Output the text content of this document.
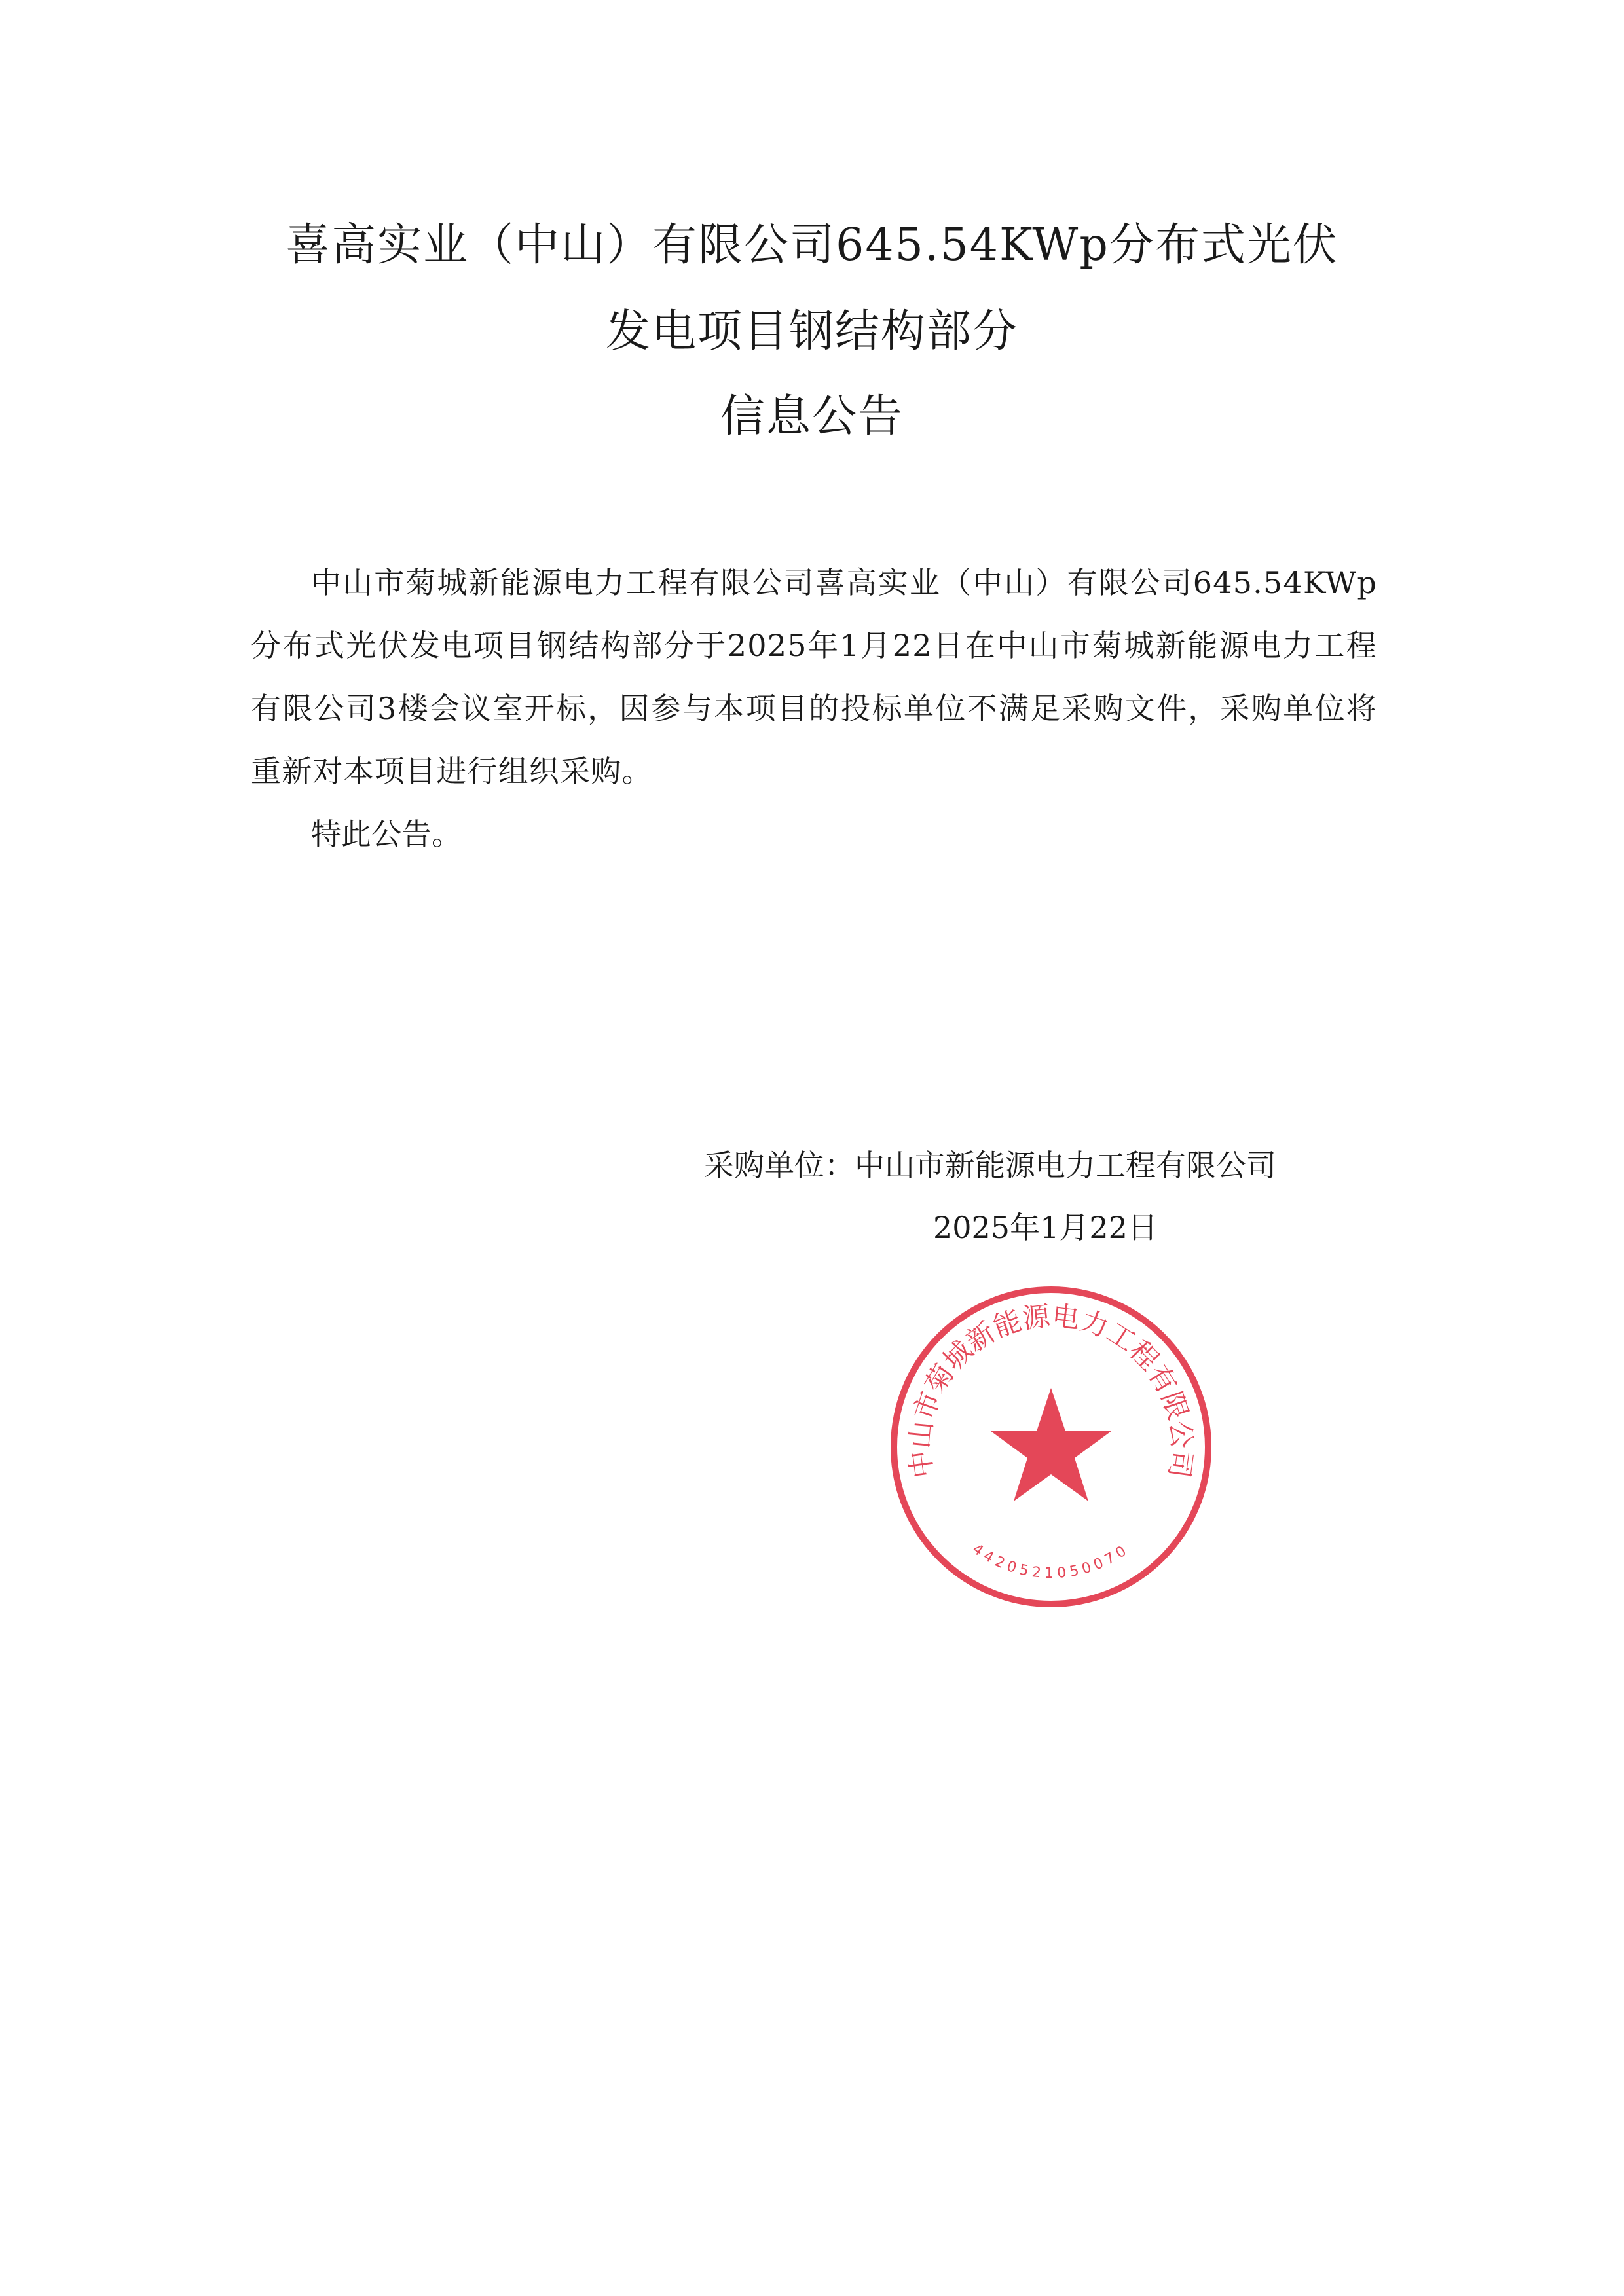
喜高实业（中山）有限公司645.54KWp分布式光伏
发电项目钢结构部分
信息公告

中山市菊城新能源电力工程有限公司喜高实业（中山）有限公司645.54KWp分布式光伏发电项目钢结构部分于2025年1月22日在中山市菊城新能源电力工程有限公司3楼会议室开标，因参与本项目的投标单位不满足采购文件，采购单位将重新对本项目进行组织采购。

特此公告。

采购单位：中山市新能源电力工程有限公司
2025年1月22日
中山市菊城新能源电力工程有限公司
4420521050070
